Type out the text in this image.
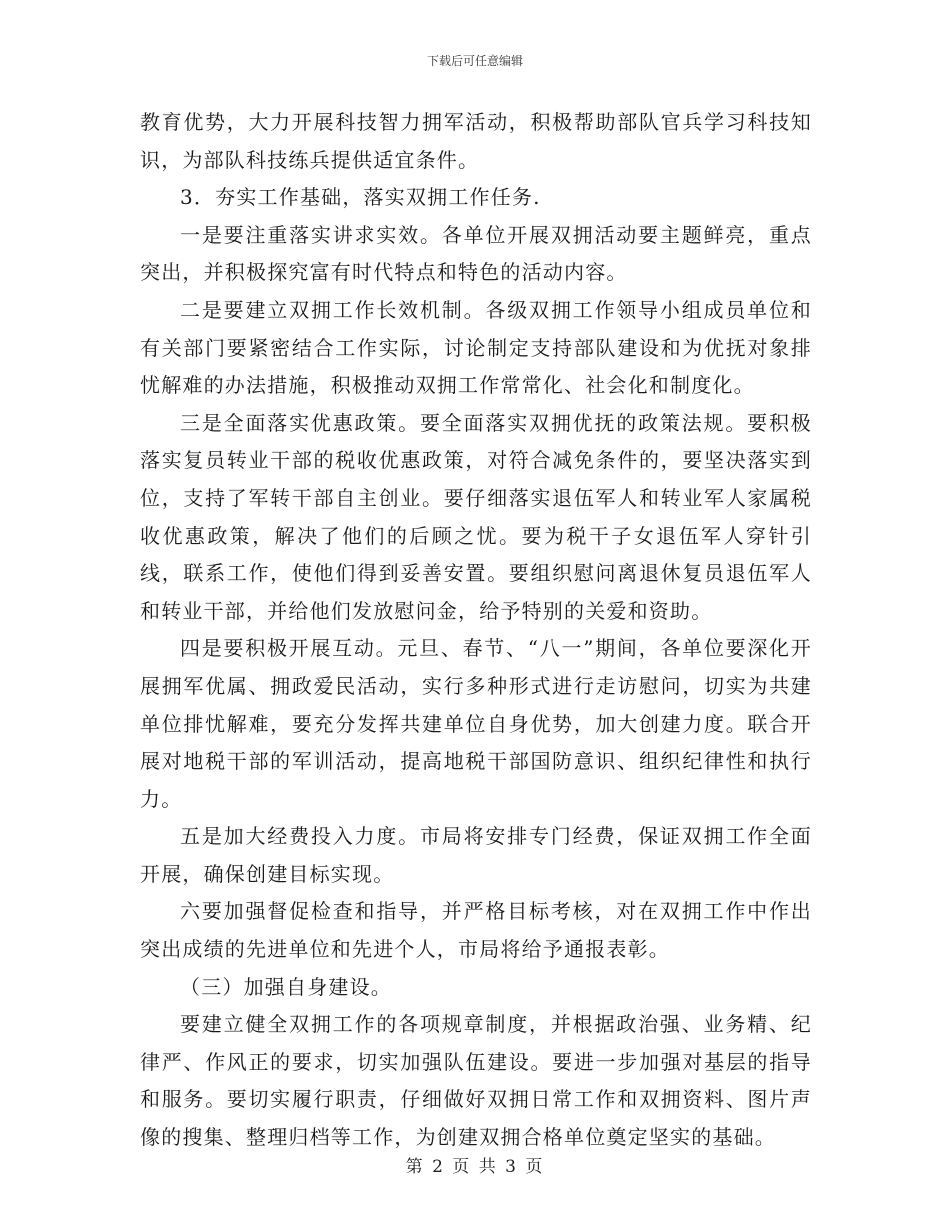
下载后可任意编辑

教育优势，大力开展科技智力拥军活动，积极帮助部队官兵学习科技知识，为部队科技练兵提供适宜条件。

3．夯实工作基础，落实双拥工作任务.

一是要注重落实讲求实效。各单位开展双拥活动要主题鲜亮，重点突出，并积极探究富有时代特点和特色的活动内容。

二是要建立双拥工作长效机制。各级双拥工作领导小组成员单位和有关部门要紧密结合工作实际，讨论制定支持部队建设和为优抚对象排忧解难的办法措施，积极推动双拥工作常常化、社会化和制度化。

三是全面落实优惠政策。要全面落实双拥优抚的政策法规。要积极落实复员转业干部的税收优惠政策，对符合减免条件的，要坚决落实到位，支持了军转干部自主创业。要仔细落实退伍军人和转业军人家属税收优惠政策，解决了他们的后顾之忧。要为税干子女退伍军人穿针引线，联系工作，使他们得到妥善安置。要组织慰问离退休复员退伍军人和转业干部，并给他们发放慰问金，给予特别的关爱和资助。

四是要积极开展互动。元旦、春节、“八一”期间，各单位要深化开展拥军优属、拥政爱民活动，实行多种形式进行走访慰问，切实为共建单位排忧解难，要充分发挥共建单位自身优势，加大创建力度。联合开展对地税干部的军训活动，提高地税干部国防意识、组织纪律性和执行力。

五是加大经费投入力度。市局将安排专门经费，保证双拥工作全面开展，确保创建目标实现。

六要加强督促检查和指导，并严格目标考核，对在双拥工作中作出突出成绩的先进单位和先进个人，市局将给予通报表彰。

（三）加强自身建设。

要建立健全双拥工作的各项规章制度，并根据政治强、业务精、纪律严、作风正的要求，切实加强队伍建设。要进一步加强对基层的指导和服务。要切实履行职责，仔细做好双拥日常工作和双拥资料、图片声像的搜集、整理归档等工作，为创建双拥合格单位奠定坚实的基础。

第 2 页 共 3 页
